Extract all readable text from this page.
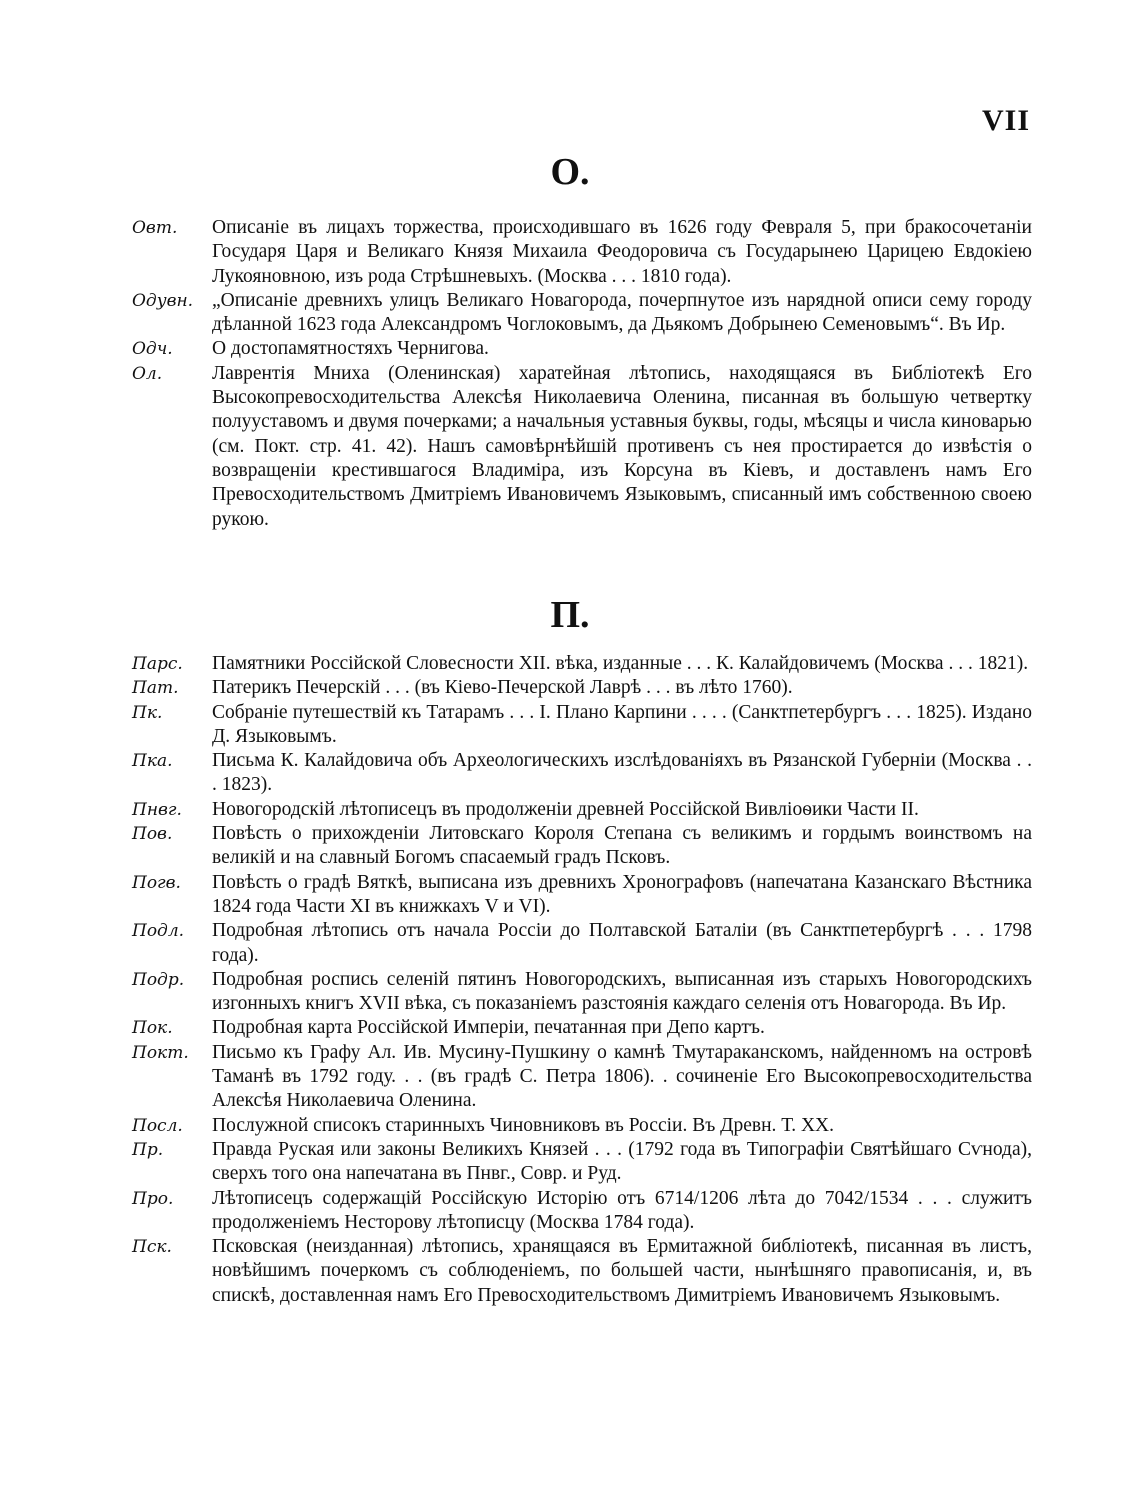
VII
О.
Овт.	Описаніе въ лицахъ торжества, происходившаго въ 1626 году Февраля 5, при бракосочетаніи Государя Царя и Великаго Князя Михаила Феодоровича съ Государынею Царицею Евдокіею Лукояновною, изъ рода Стрѣшневыхъ. (Москва . . . 1810 года).
Одувн. „Описаніе древнихъ улицъ Великаго Новагорода, почерпнутое изъ нарядной описи сему городу дѣланной 1623 года Александромъ Чоглоковымъ, да Дьякомъ Добрынею Семеновымъ“. Въ Ир.
Одч.	О достопамятностяхъ Чернигова.
Ол.	Лаврентія Мниха (Оленинская) харатейная лѣтопись, находящаяся въ Библіотекѣ Его Высокопревосходительства Алексѣя Николаевича Оленина, писанная въ большую четвертку полууставомъ и двумя почерками; а начальныя уставныя буквы, годы, мѣсяцы и числа киноварью (см. Покт. стр. 41. 42). Нашъ самовѣрнѣйшій противенъ съ нея простирается до извѣстія о возвращеніи крестившагося Владиміра, изъ Корсуна въ Кіевъ, и доставленъ намъ Его Превосходительствомъ Дмитріемъ Ивановичемъ Языковымъ, списанный имъ собственною своею рукою.
П.
Парс.	Памятники Россійской Словесности XII. вѣка, изданные . . . К. Калайдовичемъ (Москва . . . 1821).
Пат.	Патерикъ Печерскій . . . (въ Кіево-Печерской Лаврѣ . . . въ лѣто 1760).
Пк.	Собраніе путешествій къ Татарамъ . . . I. Плано Карпини . . . . (Санктпетербургъ . . . 1825). Издано Д. Языковымъ.
Пка.	Письма К. Калайдовича объ Археологическихъ изслѣдованіяхъ въ Рязанской Губерніи (Москва . . . 1823).
Пнвг.	Новогородскій лѣтописецъ въ продолженіи древней Россійской Вивліоѳики Части II.
Пов.	Повѣсть о прихожденіи Литовскаго Короля Степана съ великимъ и гордымъ воинствомъ на великій и на славный Богомъ спасаемый градъ Псковъ.
Погв.	Повѣсть о градѣ Вяткѣ, выписана изъ древнихъ Хронографовъ (напечатана Казанскаго Вѣстника 1824 года Части XI въ книжкахъ V и VI).
Подл.	Подробная лѣтопись отъ начала Россіи до Полтавской Баталіи (въ Санктпетербургѣ . . . 1798 года).
Подр.	Подробная роспись селеній пятинъ Новогородскихъ, выписанная изъ старыхъ Новогородскихъ изгонныхъ книгъ XVII вѣка, съ показаніемъ разстоянія каждаго селенія отъ Новагорода. Въ Ир.
Пок.	Подробная карта Россійской Имперіи, печатанная при Депо картъ.
Покт.	Письмо къ Графу Ал. Ив. Мусину-Пушкину о камнѣ Тмутараканскомъ, найденномъ на островѣ Таманѣ въ 1792 году. . . (въ градѣ С. Петра 1806). . сочиненіе Его Высокопревосходительства Алексѣя Николаевича Оленина.
Посл.	Послужной списокъ старинныхъ Чиновниковъ въ Россіи. Въ Древн. Т. XX.
Пр.	Правда Руская или законы Великихъ Князей . . . (1792 года въ Типографіи Святѣйшаго Сѵнода), сверхъ того она напечатана въ Пнвг., Совр. и Руд.
Про.	Лѣтописецъ содержащій Россійскую Исторію отъ 6714/1206 лѣта до 7042/1534 . . . служитъ продолженіемъ Несторову лѣтописцу (Москва 1784 года).
Пск.	Псковская (неизданная) лѣтопись, хранящаяся въ Ермитажной библіотекѣ, писанная въ листъ, новѣйшимъ почеркомъ съ соблюденіемъ, по большей части, нынѣшняго правописанія, и, въ спискѣ, доставленная намъ Его Превосходительствомъ Димитріемъ Ивановичемъ Языковымъ.
